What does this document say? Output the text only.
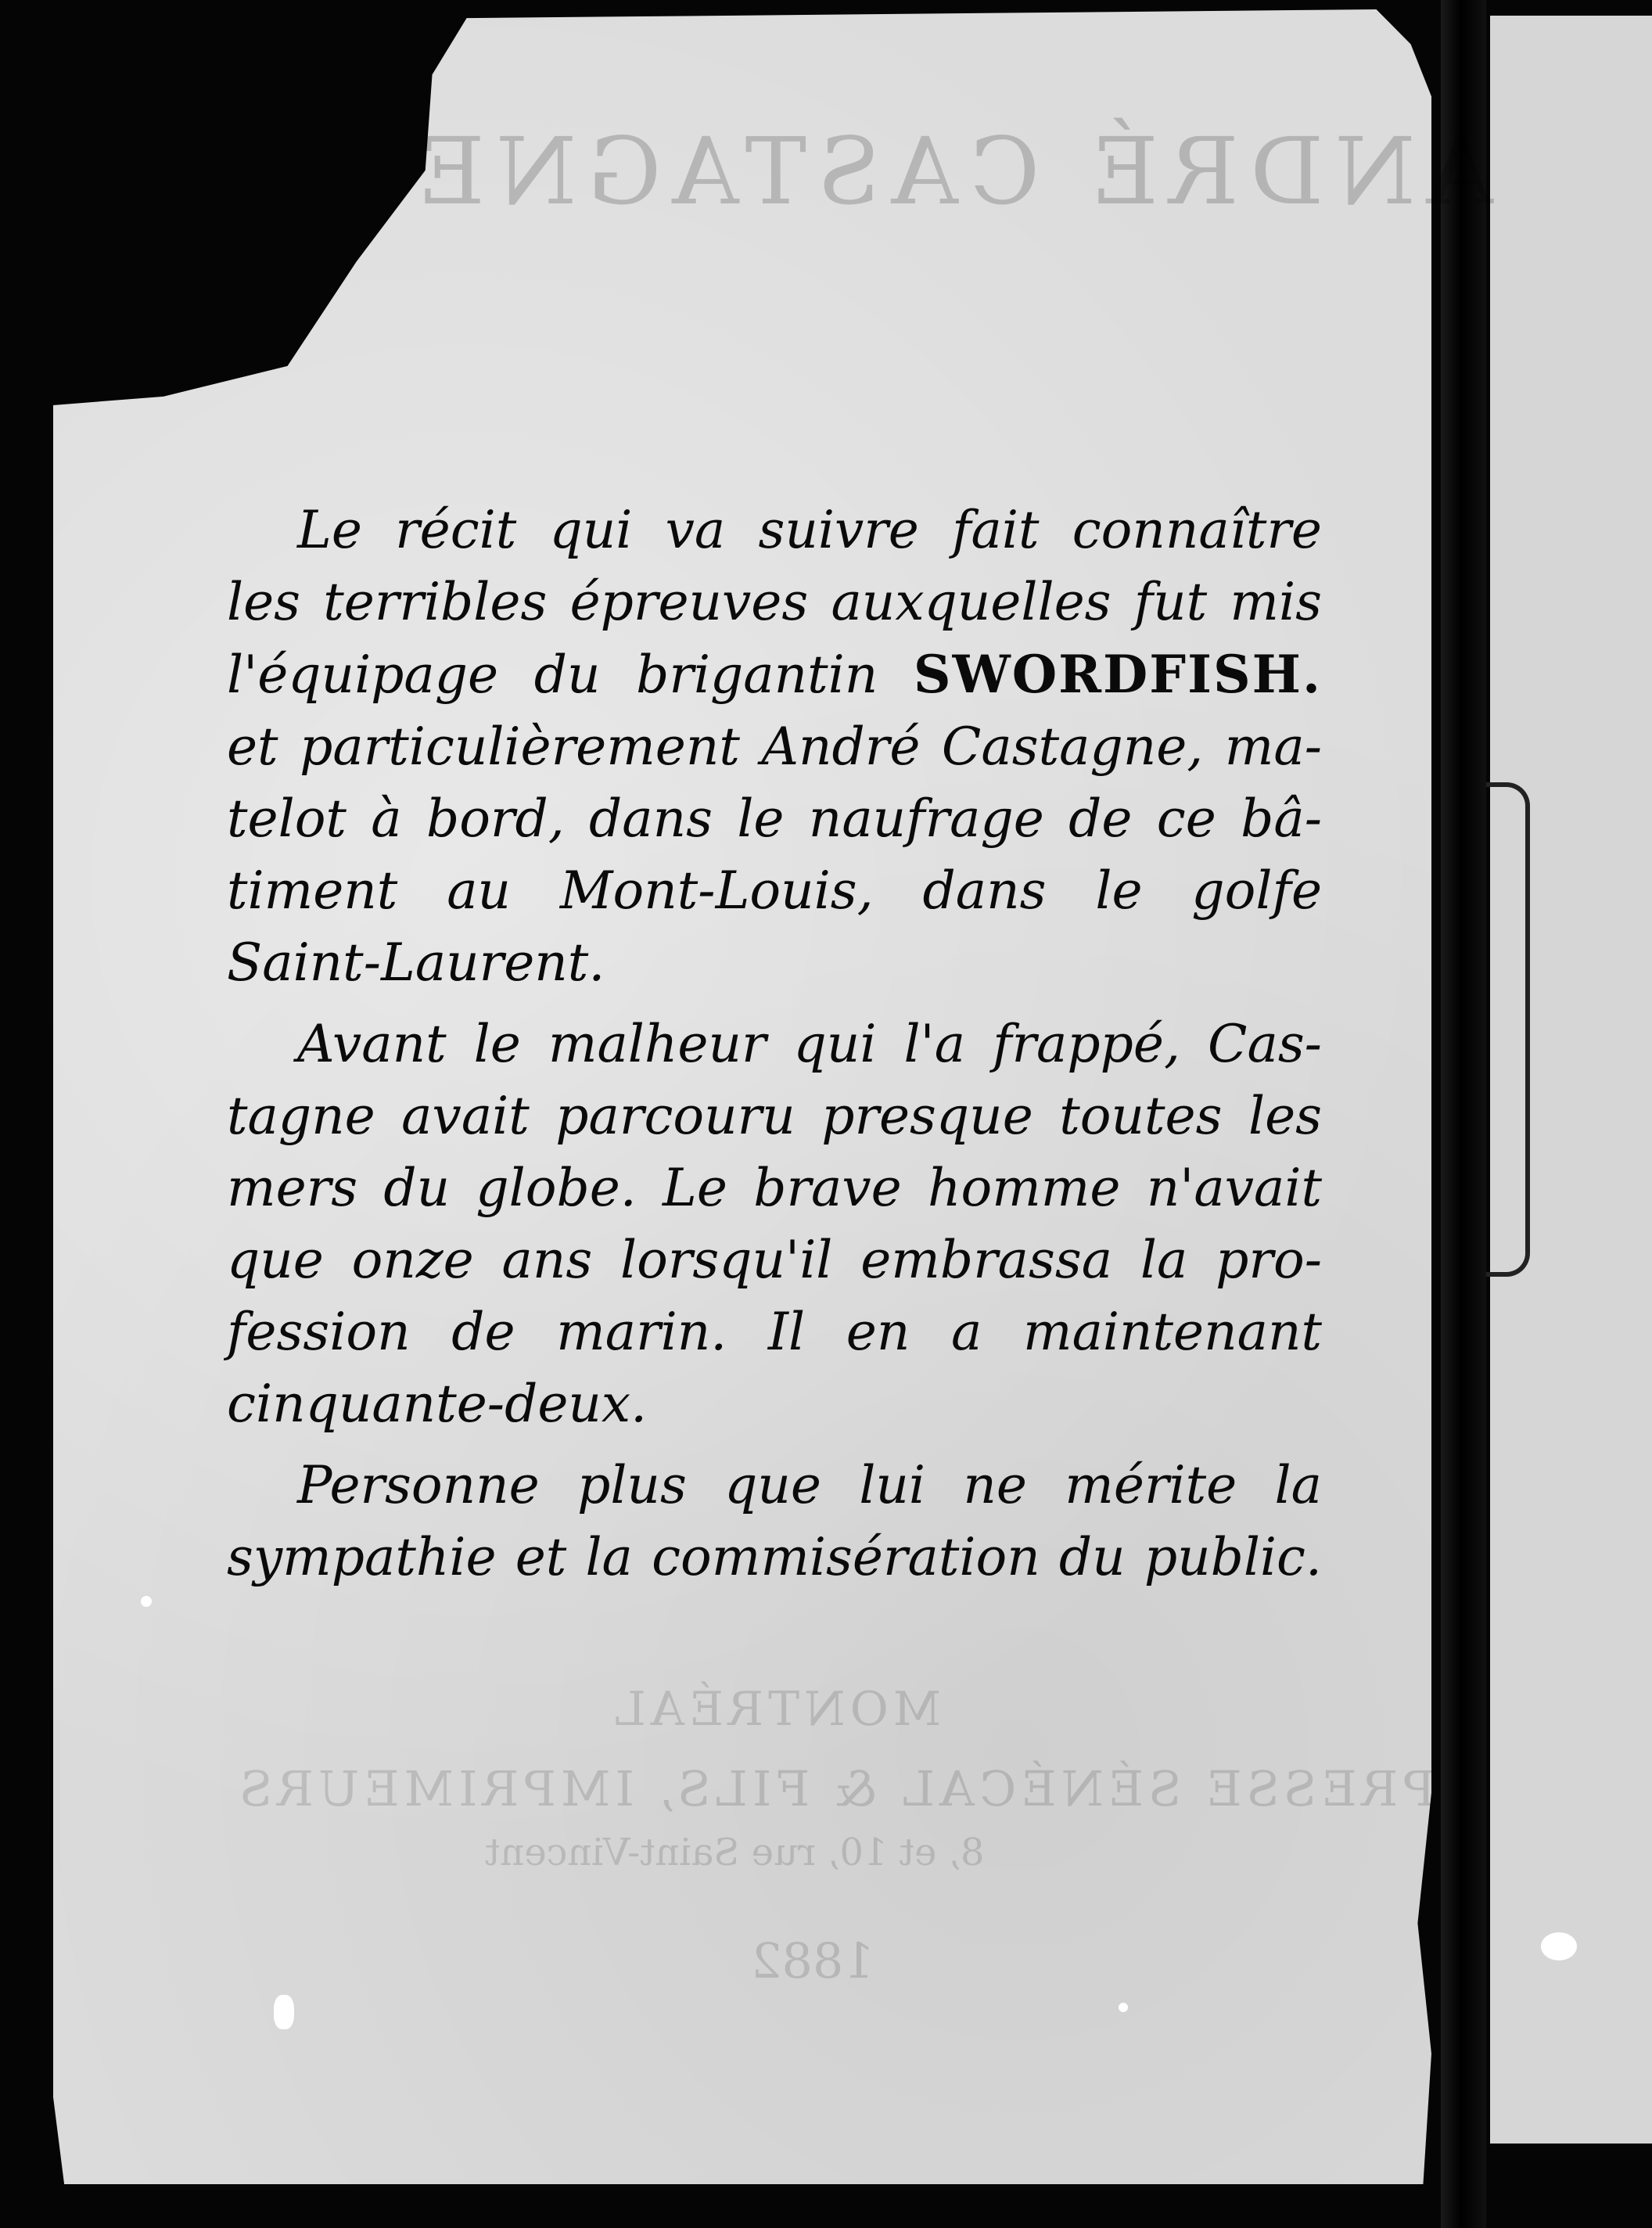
Le récit qui va suivre fait connaître
les terribles épreuves auxquelles fut mis
l'équipage du brigantin SWORDFISH.
et particulièrement André Castagne, ma-
telot à bord, dans le naufrage de ce bâ-
timent au Mont-Louis, dans le golfe
Saint-Laurent.
Avant le malheur qui l'a frappé, Cas-
tagne avait parcouru presque toutes les
mers du globe. Le brave homme n'avait
que onze ans lorsqu'il embrassa la pro-
fession de marin. Il en a maintenant
cinquante-deux.
Personne plus que lui ne mérite la
sympathie et la commisération du public.
